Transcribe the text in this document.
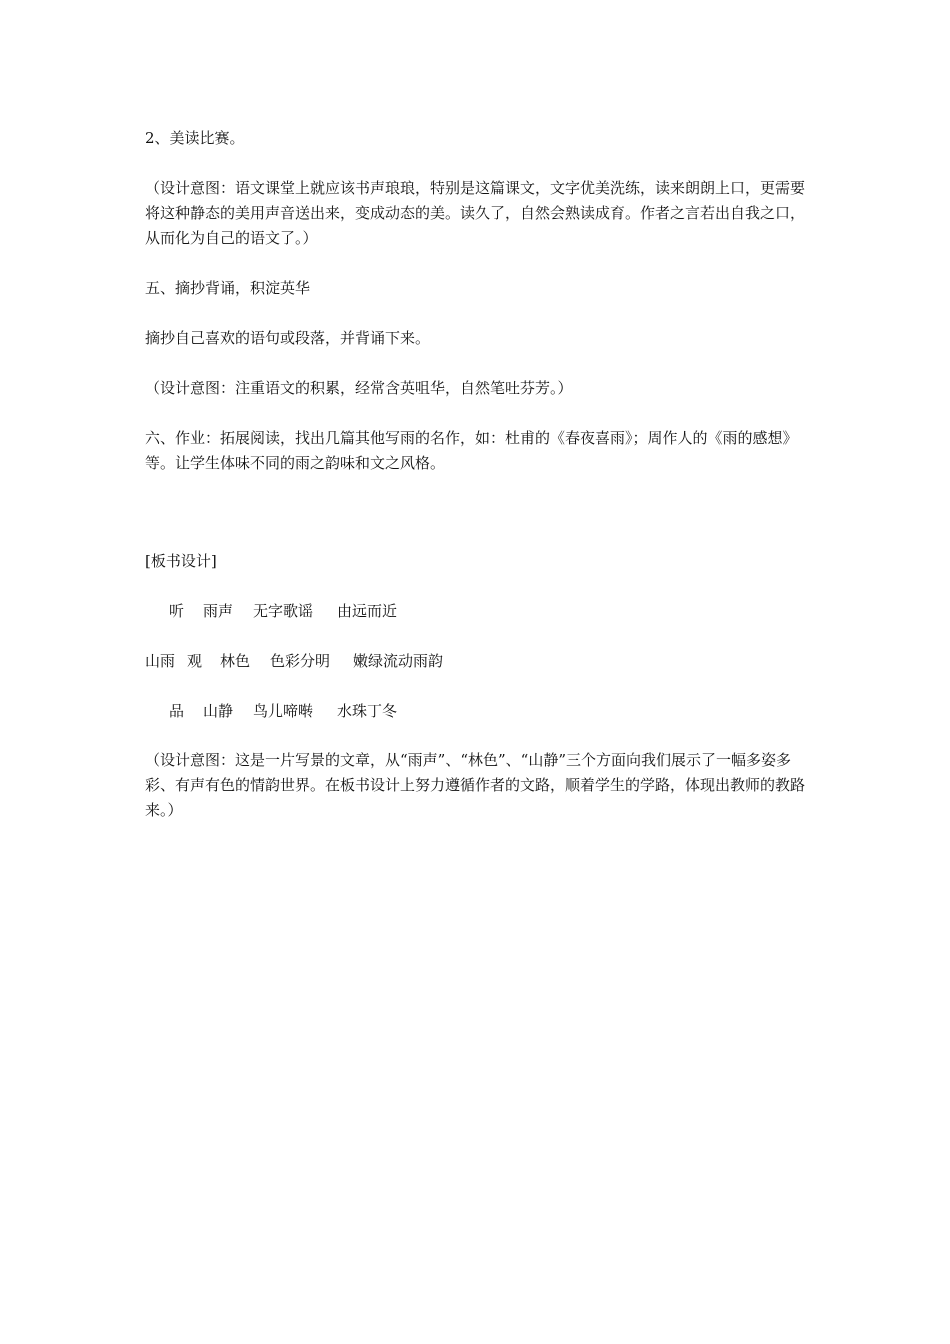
2、美读比赛。

（设计意图：语文课堂上就应该书声琅琅，特别是这篇课文，文字优美洗练，读来朗朗上口，更需要将这种静态的美用声音送出来，变成动态的美。读久了，自然会熟读成育。作者之言若出自我之口，从而化为自己的语文了。）

五、摘抄背诵，积淀英华

摘抄自己喜欢的语句或段落，并背诵下来。

（设计意图：注重语文的积累，经常含英咀华，自然笔吐芬芳。）

六、作业：拓展阅读，找出几篇其他写雨的名作，如：杜甫的《春夜喜雨》；周作人的《雨的感想》等。让学生体味不同的雨之韵味和文之风格。

[板书设计]

听

雨声

无字歌谣

由远而近

山雨

观

林色

色彩分明

嫩绿流动雨韵

品

山静

鸟儿啼啭

水珠丁冬

（设计意图：这是一片写景的文章，从“雨声”、“林色”、“山静”三个方面向我们展示了一幅多姿多彩、有声有色的情韵世界。在板书设计上努力遵循作者的文路，顺着学生的学路，体现出教师的教路来。）
